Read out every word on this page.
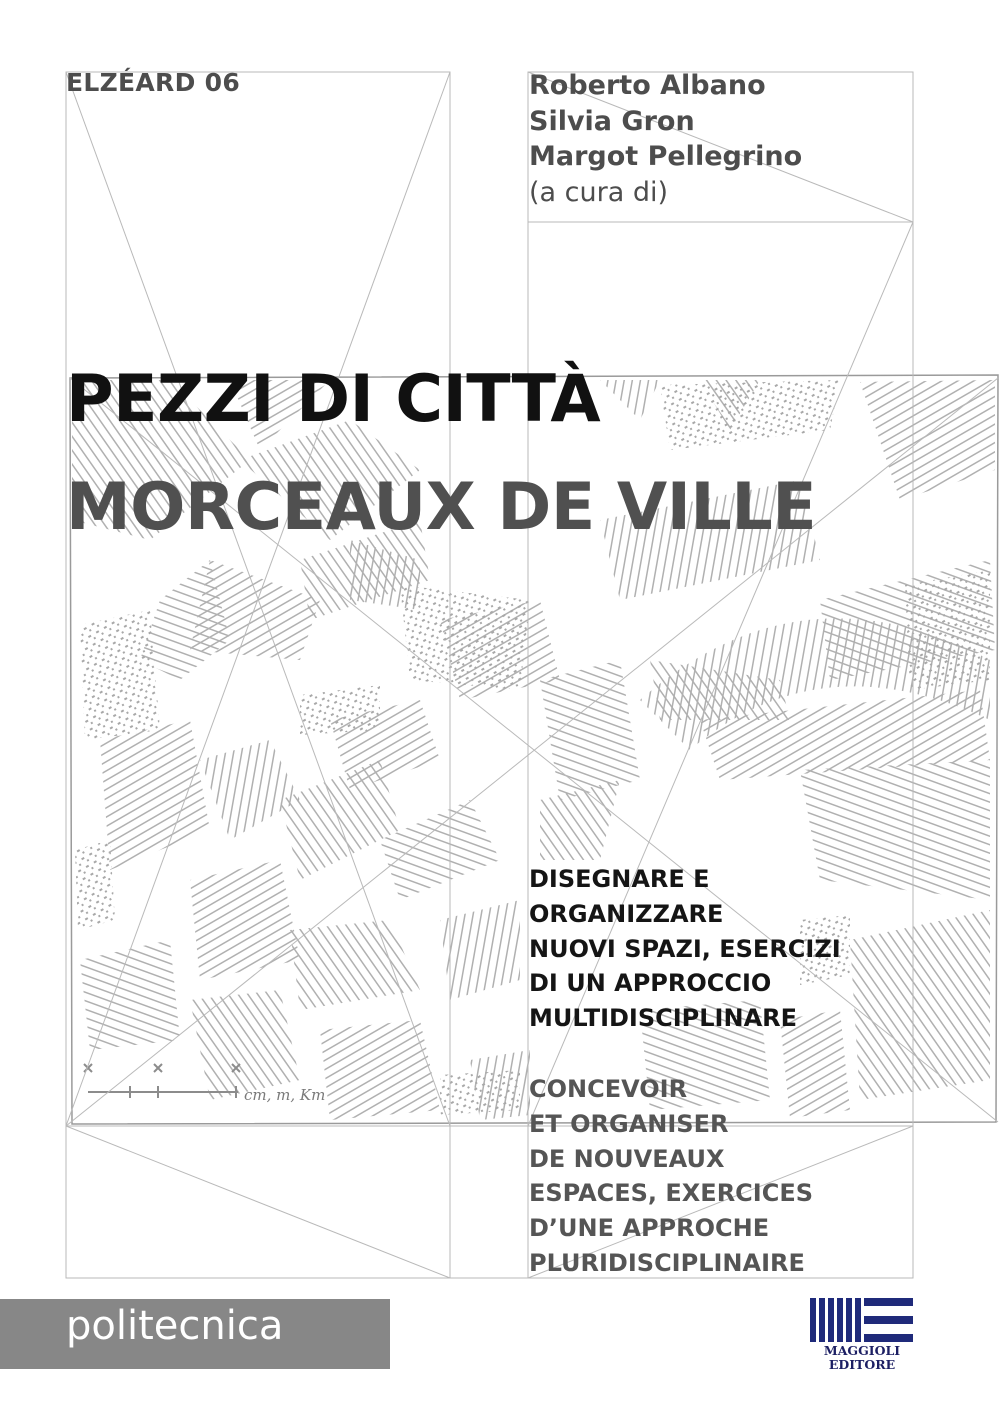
cm, m, Km
ELZÉARD 06	Roberto Albano
Silvia Gron
Margot Pellegrino
(a cura di)
PEZZI DI CITTÀ
MORCEAUX DE VILLE
DISEGNARE E
ORGANIZZARE
NUOVI SPAZI, ESERCIZI
DI UN APPROCCIO
MULTIDISCIPLINARE
CONCEVOIR
ET ORGANISER
DE NOUVEAUX
ESPACES, EXERCICES
D’UNE APPROCHE
PLURIDISCIPLINAIRE
politecnica
MAGGIOLI
EDITORE
